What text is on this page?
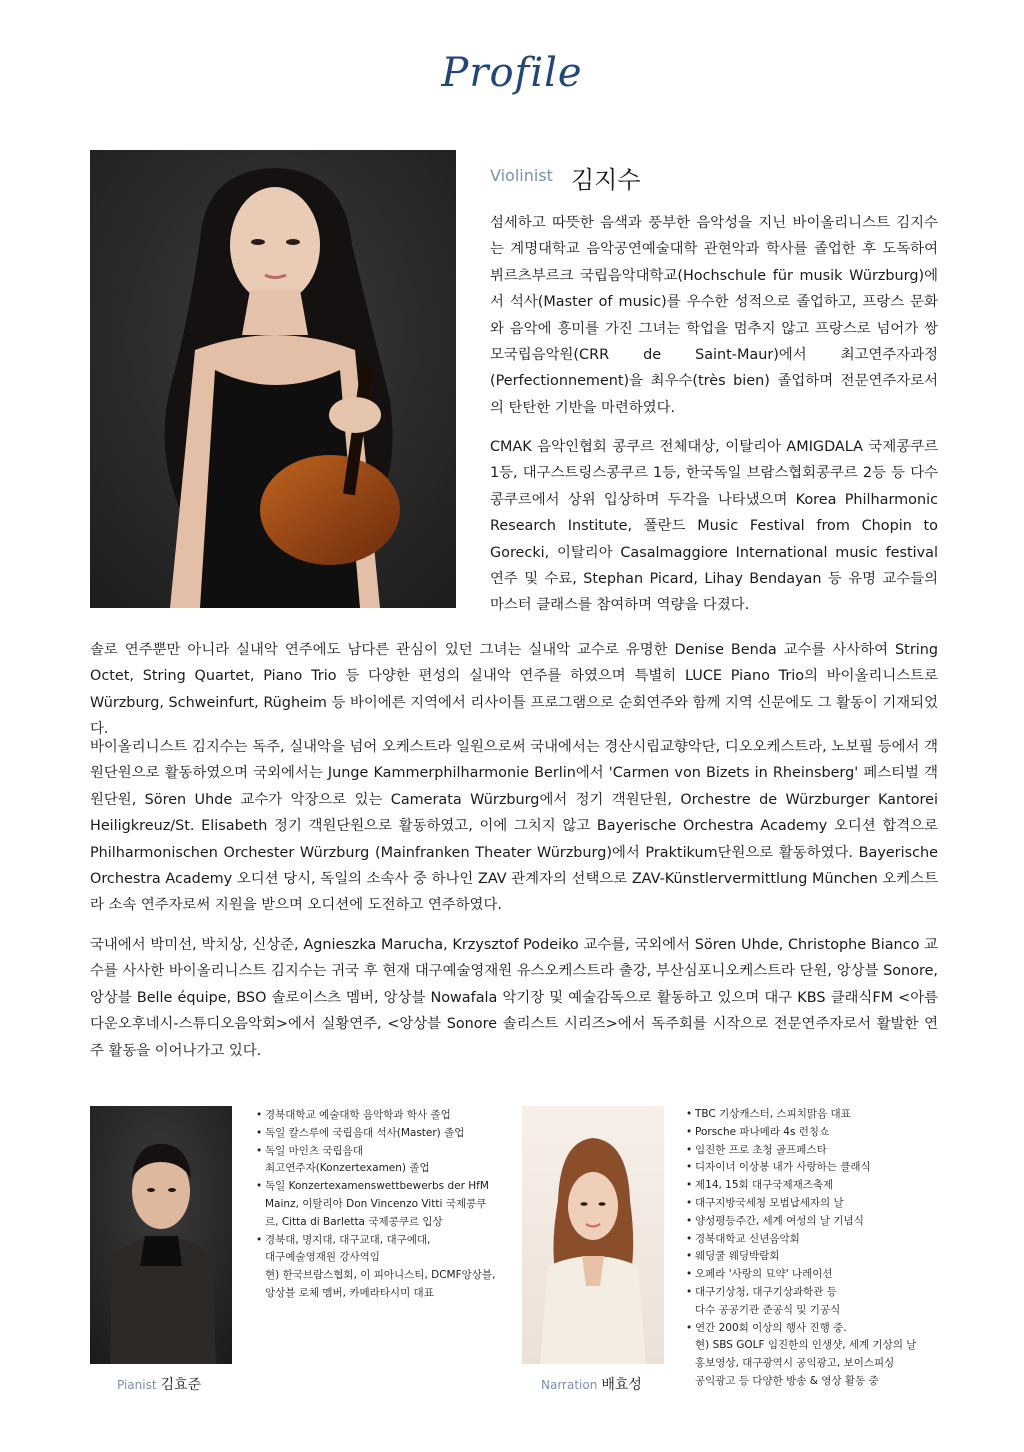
Profile
Violinist 김지수

섬세하고 따뜻한 음색과 풍부한 음악성을 지닌 바이올리니스트 김지수는 계명대학교 음악공연예술대학 관현악과 학사를 졸업한 후 도독하여 뷔르츠부르크 국립음악대학교(Hochschule für musik Würzburg)에서 석사(Master of music)를 우수한 성적으로 졸업하고, 프랑스 문화와 음악에 흥미를 가진 그녀는 학업을 멈추지 않고 프랑스로 넘어가 쌍모국립음악원(CRR de Saint-Maur)에서 최고연주자과정(Perfectionnement)을 최우수(très bien) 졸업하며 전문연주자로서의 탄탄한 기반을 마련하였다.

CMAK 음악인협회 콩쿠르 전체대상, 이탈리아 AMIGDALA 국제콩쿠르 1등, 대구스트링스콩쿠르 1등, 한국독일 브람스협회콩쿠르 2등 등 다수콩쿠르에서 상위 입상하며 두각을 나타냈으며 Korea Philharmonic Research Institute, 폴란드 Music Festival from Chopin to Gorecki, 이탈리아 Casalmaggiore International music festival 연주 및 수료, Stephan Picard, Lihay Bendayan 등 유명 교수들의 마스터 클래스를 참여하며 역량을 다졌다.

솔로 연주뿐만 아니라 실내악 연주에도 남다른 관심이 있던 그녀는 실내악 교수로 유명한 Denise Benda 교수를 사사하여 String Octet, String Quartet, Piano Trio 등 다양한 편성의 실내악 연주를 하였으며 특별히 LUCE Piano Trio의 바이올리니스트로 Würzburg, Schweinfurt, Rügheim 등 바이에른 지역에서 리사이틀 프로그램으로 순회연주와 함께 지역 신문에도 그 활동이 기재되었다.

바이올리니스트 김지수는 독주, 실내악을 넘어 오케스트라 일원으로써 국내에서는 경산시립교향악단, 디오오케스트라, 노보필 등에서 객원단원으로 활동하였으며 국외에서는 Junge Kammerphilharmonie Berlin에서 'Carmen von Bizets in Rheinsberg' 페스티벌 객원단원, Sören Uhde 교수가 악장으로 있는 Camerata Würzburg에서 정기 객원단원, Orchestre de Würzburger Kantorei Heiligkreuz/St. Elisabeth 정기 객원단원으로 활동하였고, 이에 그치지 않고 Bayerische Orchestra Academy 오디션 합격으로 Philharmonischen Orchester Würzburg (Mainfranken Theater Würzburg)에서 Praktikum단원으로 활동하였다. Bayerische Orchestra Academy 오디션 당시, 독일의 소속사 중 하나인 ZAV 관계자의 선택으로 ZAV-Künstlervermittlung München 오케스트라 소속 연주자로써 지원을 받으며 오디션에 도전하고 연주하였다.

국내에서 박미선, 박치상, 신상준, Agnieszka Marucha, Krzysztof Podeiko 교수를, 국외에서 Sören Uhde, Christophe Bianco 교수를 사사한 바이올리니스트 김지수는 귀국 후 현재 대구예술영재원 유스오케스트라 출강, 부산심포니오케스트라 단원, 앙상블 Sonore, 앙상블 Belle équipe, BSO 솔로이스츠 멤버, 앙상블 Nowafala 악기장 및 예술감독으로 활동하고 있으며 대구 KBS 클래식FM <아름다운오후네시-스튜디오음악회>에서 실황연주, <앙상블 Sonore 솔리스트 시리즈>에서 독주회를 시작으로 전문연주자로서 활발한 연주 활동을 이어나가고 있다.

• 경북대학교 예술대학 음악학과 학사 졸업
• 독일 칼스루에 국립음대 석사(Master) 졸업
• 독일 마인츠 국립음대
최고연주자(Konzertexamen) 졸업
• 독일 Konzertexamenswettbewerbs der HfM Mainz, 이탈리아 Don Vincenzo Vitti 국제콩쿠르, Citta di Barletta 국제콩쿠르 입상
• 경북대, 명지대, 대구교대, 대구예대,
대구예술영재원 강사역임
현) 한국브람스협회, 이 피아니스티, DCMF앙상블,
앙상블 로체 멤버, 카메라타시미 대표
Pianist 김효준
• TBC 기상캐스터, 스피치맑음 대표
• Porsche 파나메라 4s 런칭쇼
• 임진한 프로 초청 골프페스타
• 디자이너 이상봉 내가 사랑하는 클래식
• 제14, 15회 대구국제재즈축제
• 대구지방국세청 모범납세자의 날
• 양성평등주간, 세계 여성의 날 기념식
• 경북대학교 신년음악회
• 웨딩쿨 웨딩박람회
• 오페라 '사랑의 묘약' 나레이션
• 대구기상청, 대구기상과학관 등
다수 공공기관 준공식 및 기공식
• 연간 200회 이상의 행사 진행 중.
현) SBS GOLF 임진한의 인생샷, 세계 기상의 날
홍보영상, 대구광역시 공익광고, 보이스피싱
공익광고 등 다양한 방송 & 영상 활동 중
Narration 배효성
